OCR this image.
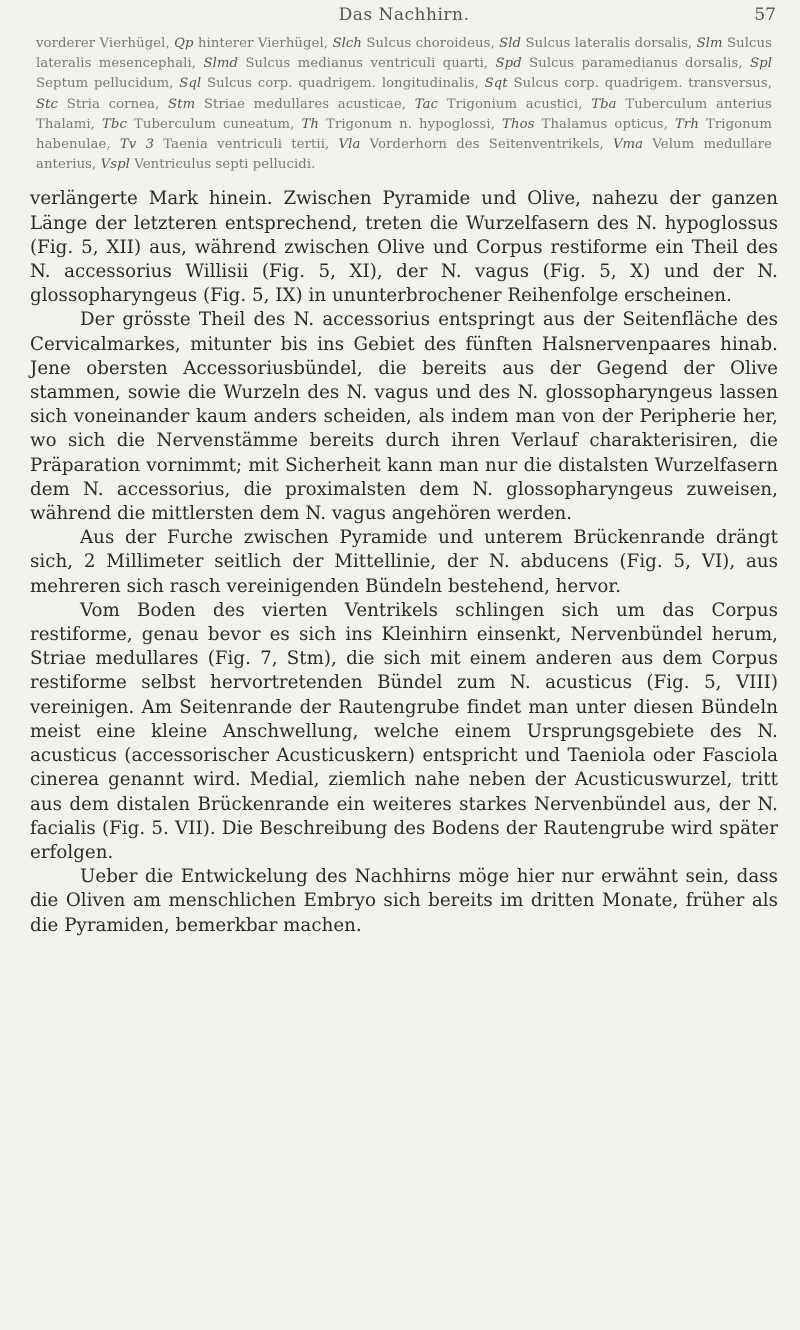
Das Nachhirn.	57
vorderer Vierhügel, Qp hinterer Vierhügel, Slch Sulcus choroideus, Sld Sulcus lateralis dorsalis, Slm Sulcus lateralis mesencephali, Slmd Sulcus medianus ventriculi quarti, Spd Sulcus paramedianus dorsalis, Spl Septum pellucidum, Sql Sulcus corp. quadrigem. longitudinalis, Sqt Sulcus corp. quadrigem. transversus, Stc Stria cornea, Stm Striae medullares acusticae, Tac Trigonium acustici, Tba Tuberculum anterius Thalami, Tbc Tuberculum cuneatum, Th Trigonum n. hypoglossi, Thos Thalamus opticus, Trh Trigonum habenulae, Tv 3 Taenia ventriculi tertii, Vla Vorderhorn des Seitenventrikels, Vma Velum medullare anterius, Vspl Ventriculus septi pellucidi.

verlängerte Mark hinein. Zwischen Pyramide und Olive, nahezu der ganzen Länge der letzteren entsprechend, treten die Wurzelfasern des N. hypoglossus (Fig. 5, XII) aus, während zwischen Olive und Corpus restiforme ein Theil des N. accessorius Willisii (Fig. 5, XI), der N. vagus (Fig. 5, X) und der N. glossopharyngeus (Fig. 5, IX) in ununterbrochener Reihenfolge erscheinen.

Der grösste Theil des N. accessorius entspringt aus der Seitenfläche des Cervicalmarkes, mitunter bis ins Gebiet des fünften Halsnervenpaares hinab. Jene obersten Accessoriusbündel, die bereits aus der Gegend der Olive stammen, sowie die Wurzeln des N. vagus und des N. glossopharyngeus lassen sich voneinander kaum anders scheiden, als indem man von der Peripherie her, wo sich die Nervenstämme bereits durch ihren Verlauf charakterisiren, die Präparation vornimmt; mit Sicherheit kann man nur die distalsten Wurzelfasern dem N. accessorius, die proximalsten dem N. glossopharyngeus zuweisen, während die mittlersten dem N. vagus angehören werden.

Aus der Furche zwischen Pyramide und unterem Brückenrande drängt sich, 2 Millimeter seitlich der Mittellinie, der N. abducens (Fig. 5, VI), aus mehreren sich rasch vereinigenden Bündeln bestehend, hervor.

Vom Boden des vierten Ventrikels schlingen sich um das Corpus restiforme, genau bevor es sich ins Kleinhirn einsenkt, Nervenbündel herum, Striae medullares (Fig. 7, Stm), die sich mit einem anderen aus dem Corpus restiforme selbst hervortretenden Bündel zum N. acusticus (Fig. 5, VIII) vereinigen. Am Seitenrande der Rautengrube findet man unter diesen Bündeln meist eine kleine Anschwellung, welche einem Ursprungsgebiete des N. acusticus (accessorischer Acusticuskern) entspricht und Taeniola oder Fasciola cinerea genannt wird. Medial, ziemlich nahe neben der Acusticuswurzel, tritt aus dem distalen Brückenrande ein weiteres starkes Nervenbündel aus, der N. facialis (Fig. 5. VII). Die Beschreibung des Bodens der Rautengrube wird später erfolgen.

Ueber die Entwickelung des Nachhirns möge hier nur erwähnt sein, dass die Oliven am menschlichen Embryo sich bereits im dritten Monate, früher als die Pyramiden, bemerkbar machen.
